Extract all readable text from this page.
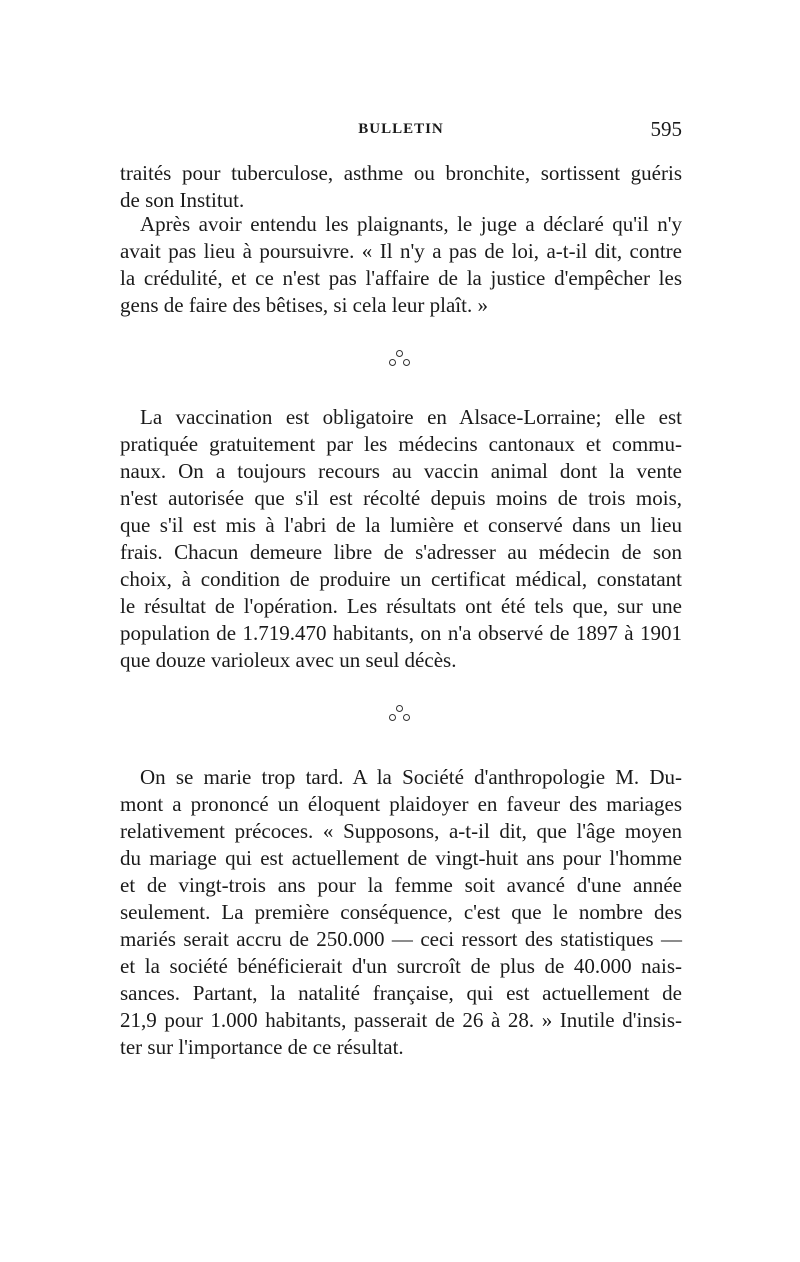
BULLETIN	595
traités pour tuberculose, asthme ou bronchite, sortissent guéris
de son Institut.
Après avoir entendu les plaignants, le juge a déclaré qu'il n'y
avait pas lieu à poursuivre. « Il n'y a pas de loi, a-t-il dit, contre
la crédulité, et ce n'est pas l'affaire de la justice d'empêcher les
gens de faire des bêtises, si cela leur plaît. »
La vaccination est obligatoire en Alsace-Lorraine; elle est
pratiquée gratuitement par les médecins cantonaux et commu-
naux. On a toujours recours au vaccin animal dont la vente
n'est autorisée que s'il est récolté depuis moins de trois mois,
que s'il est mis à l'abri de la lumière et conservé dans un lieu
frais. Chacun demeure libre de s'adresser au médecin de son
choix, à condition de produire un certificat médical, constatant
le résultat de l'opération. Les résultats ont été tels que, sur une
population de 1.719.470 habitants, on n'a observé de 1897 à 1901
que douze varioleux avec un seul décès.
On se marie trop tard. A la Société d'anthropologie M. Du-
mont a prononcé un éloquent plaidoyer en faveur des mariages
relativement précoces. « Supposons, a-t-il dit, que l'âge moyen
du mariage qui est actuellement de vingt-huit ans pour l'homme
et de vingt-trois ans pour la femme soit avancé d'une année
seulement. La première conséquence, c'est que le nombre des
mariés serait accru de 250.000 — ceci ressort des statistiques —
et la société bénéficierait d'un surcroît de plus de 40.000 nais-
sances. Partant, la natalité française, qui est actuellement de
21,9 pour 1.000 habitants, passerait de 26 à 28. » Inutile d'insis-
ter sur l'importance de ce résultat.
